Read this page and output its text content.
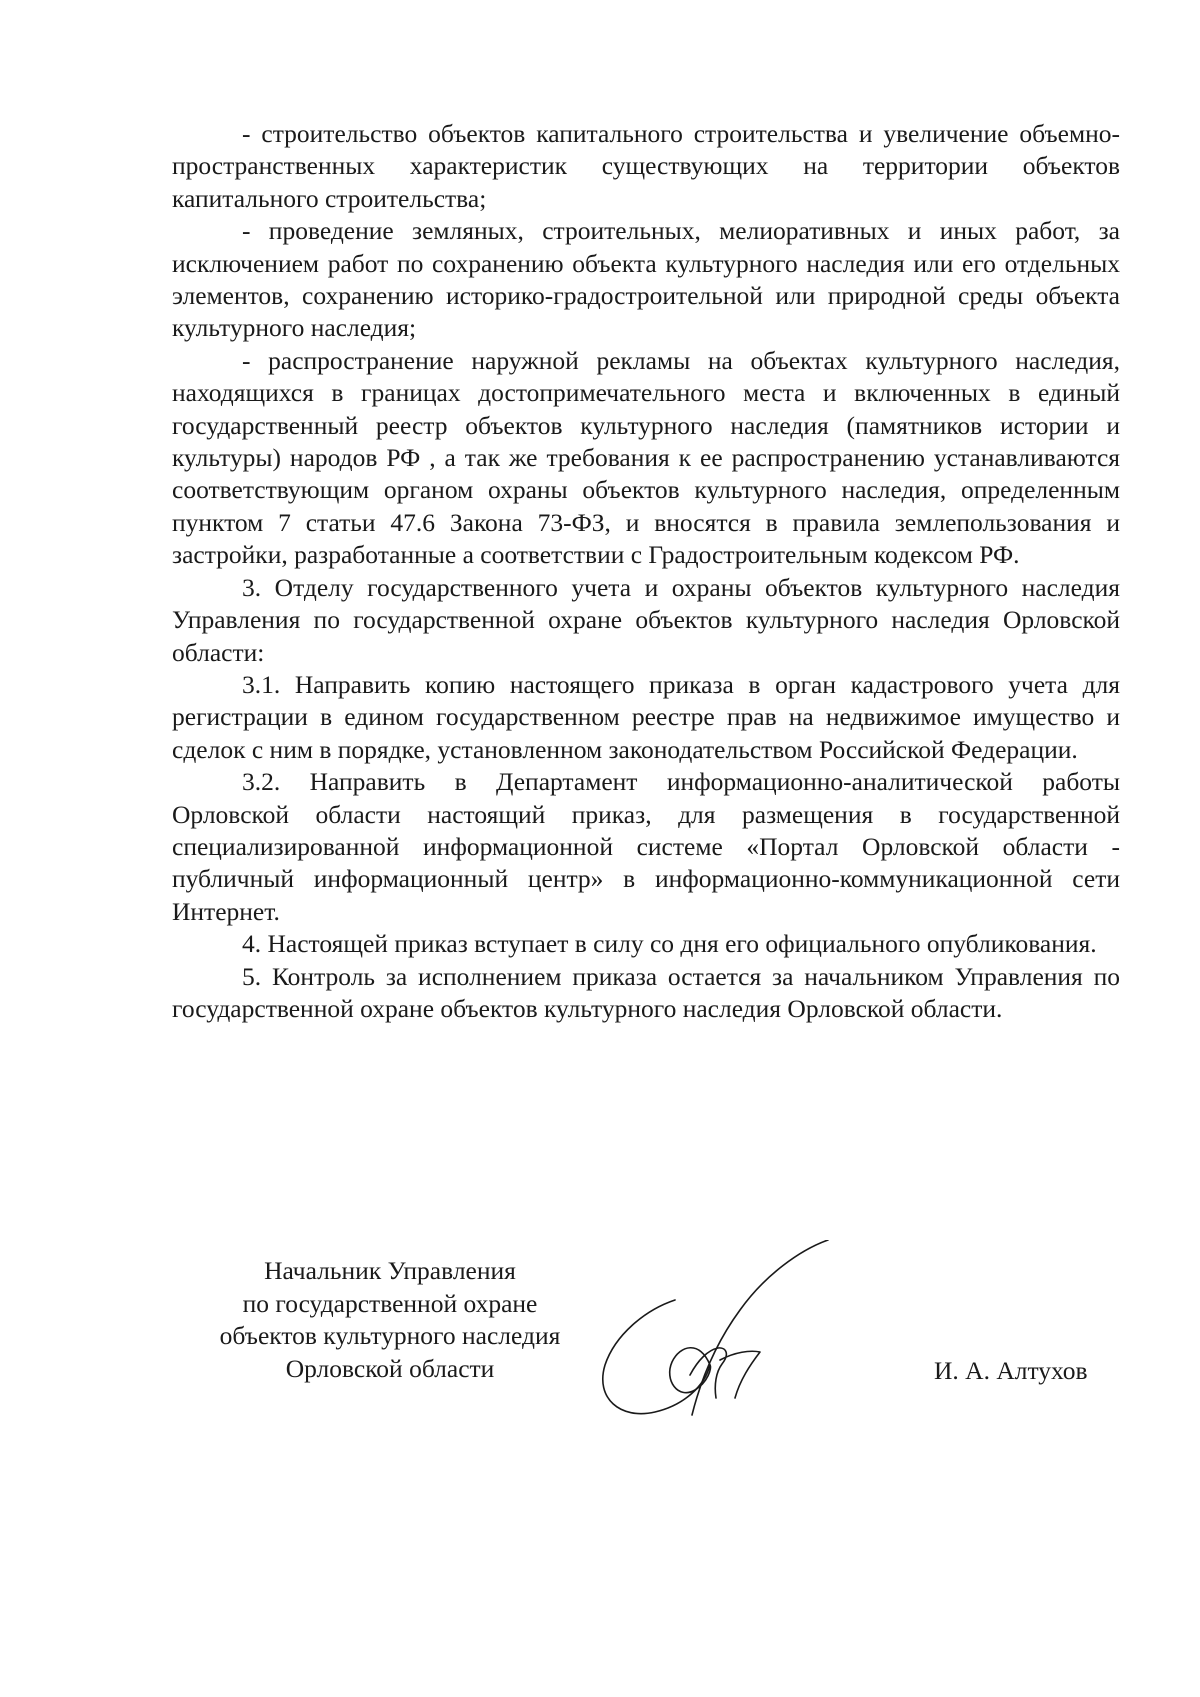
- строительство объектов капитального строительства и увеличение объемно-пространственных характеристик существующих на территории объектов капитального строительства;

- проведение земляных, строительных, мелиоративных и иных работ, за исключением работ по сохранению объекта культурного наследия или его отдельных элементов, сохранению историко-градостроительной или природной среды объекта культурного наследия;

- распространение наружной рекламы на объектах культурного наследия, находящихся в границах достопримечательного места и включенных в единый государственный реестр объектов культурного наследия (памятников истории и культуры) народов РФ , а так же требования к ее распространению устанавливаются соответствующим органом охраны объектов культурного наследия, определенным пунктом 7 статьи 47.6 Закона 73-ФЗ, и вносятся в правила землепользования и застройки, разработанные а соответствии с Градостроительным кодексом РФ.

3. Отделу государственного учета и охраны объектов культурного наследия Управления по государственной охране объектов культурного наследия Орловской области:

3.1. Направить копию настоящего приказа в орган кадастрового учета для регистрации в едином государственном реестре прав на недвижимое имущество и сделок с ним в порядке, установленном законодательством Российской Федерации.

3.2. Направить в Департамент информационно-аналитической работы Орловской области настоящий приказ, для размещения в государственной специализированной информационной системе «Портал Орловской области - публичный информационный центр» в информационно-коммуникационной сети Интернет.

4. Настоящей приказ вступает в силу со дня его официального опубликования.

5. Контроль за исполнением приказа остается за начальником Управления по государственной охране объектов культурного наследия Орловской области.

Начальник Управления
по государственной охране
объектов культурного наследия
Орловской области	И. А. Алтухов
